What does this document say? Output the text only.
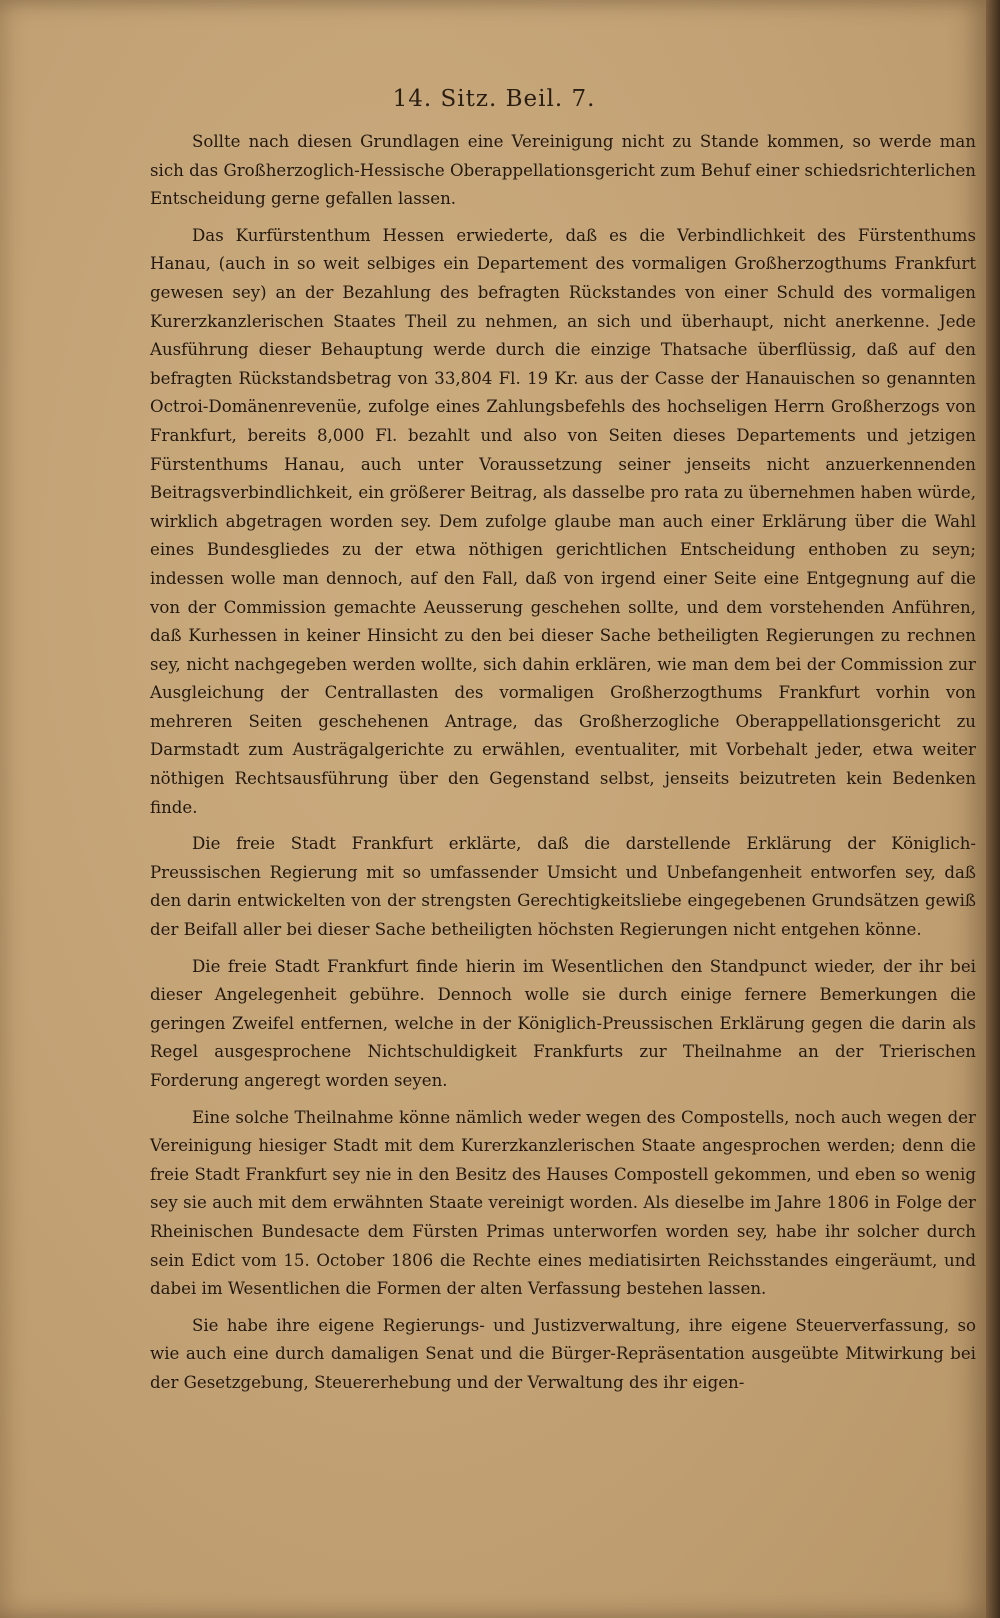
14. Sitz. Beil. 7.

Sollte nach diesen Grundlagen eine Vereinigung nicht zu Stande kommen, so werde man sich das Großherzoglich-Hessische Oberappellationsgericht zum Behuf einer schiedsrichterlichen Entscheidung gerne gefallen lassen.

Das Kurfürstenthum Hessen erwiederte, daß es die Verbindlichkeit des Fürstenthums Hanau, (auch in so weit selbiges ein Departement des vormaligen Großherzogthums Frankfurt gewesen sey) an der Bezahlung des befragten Rückstandes von einer Schuld des vormaligen Kurerzkanzlerischen Staates Theil zu nehmen, an sich und überhaupt, nicht anerkenne. Jede Ausführung dieser Behauptung werde durch die einzige Thatsache überflüssig, daß auf den befragten Rückstandsbetrag von 33,804 Fl. 19 Kr. aus der Casse der Hanauischen so genannten Octroi-Domänenrevenüe, zufolge eines Zahlungsbefehls des hochseligen Herrn Großherzogs von Frankfurt, bereits 8,000 Fl. bezahlt und also von Seiten dieses Departements und jetzigen Fürstenthums Hanau, auch unter Voraussetzung seiner jenseits nicht anzuerkennenden Beitragsverbindlichkeit, ein größerer Beitrag, als dasselbe pro rata zu übernehmen haben würde, wirklich abgetragen worden sey. Dem zufolge glaube man auch einer Erklärung über die Wahl eines Bundesgliedes zu der etwa nöthigen gerichtlichen Entscheidung enthoben zu seyn; indessen wolle man dennoch, auf den Fall, daß von irgend einer Seite eine Entgegnung auf die von der Commission gemachte Aeusserung geschehen sollte, und dem vorstehenden Anführen, daß Kurhessen in keiner Hinsicht zu den bei dieser Sache betheiligten Regierungen zu rechnen sey, nicht nachgegeben werden wollte, sich dahin erklären, wie man dem bei der Commission zur Ausgleichung der Centrallasten des vormaligen Großherzogthums Frankfurt vorhin von mehreren Seiten geschehenen Antrage, das Großherzogliche Oberappellationsgericht zu Darmstadt zum Austrägalgerichte zu erwählen, eventualiter, mit Vorbehalt jeder, etwa weiter nöthigen Rechtsausführung über den Gegenstand selbst, jenseits beizutreten kein Bedenken finde.

Die freie Stadt Frankfurt erklärte, daß die darstellende Erklärung der Königlich-Preussischen Regierung mit so umfassender Umsicht und Unbefangenheit entworfen sey, daß den darin entwickelten von der strengsten Gerechtigkeitsliebe eingegebenen Grundsätzen gewiß der Beifall aller bei dieser Sache betheiligten höchsten Regierungen nicht entgehen könne.

Die freie Stadt Frankfurt finde hierin im Wesentlichen den Standpunct wieder, der ihr bei dieser Angelegenheit gebühre. Dennoch wolle sie durch einige fernere Bemerkungen die geringen Zweifel entfernen, welche in der Königlich-Preussischen Erklärung gegen die darin als Regel ausgesprochene Nichtschuldigkeit Frankfurts zur Theilnahme an der Trierischen Forderung angeregt worden seyen.

Eine solche Theilnahme könne nämlich weder wegen des Compostells, noch auch wegen der Vereinigung hiesiger Stadt mit dem Kurerzkanzlerischen Staate angesprochen werden; denn die freie Stadt Frankfurt sey nie in den Besitz des Hauses Compostell gekommen, und eben so wenig sey sie auch mit dem erwähnten Staate vereinigt worden. Als dieselbe im Jahre 1806 in Folge der Rheinischen Bundesacte dem Fürsten Primas unterworfen worden sey, habe ihr solcher durch sein Edict vom 15. October 1806 die Rechte eines mediatisirten Reichsstandes eingeräumt, und dabei im Wesentlichen die Formen der alten Verfassung bestehen lassen.

Sie habe ihre eigene Regierungs- und Justizverwaltung, ihre eigene Steuerverfassung, so wie auch eine durch damaligen Senat und die Bürger-Repräsentation ausgeübte Mitwirkung bei der Gesetzgebung, Steuererhebung und der Verwaltung des ihr eigen-
